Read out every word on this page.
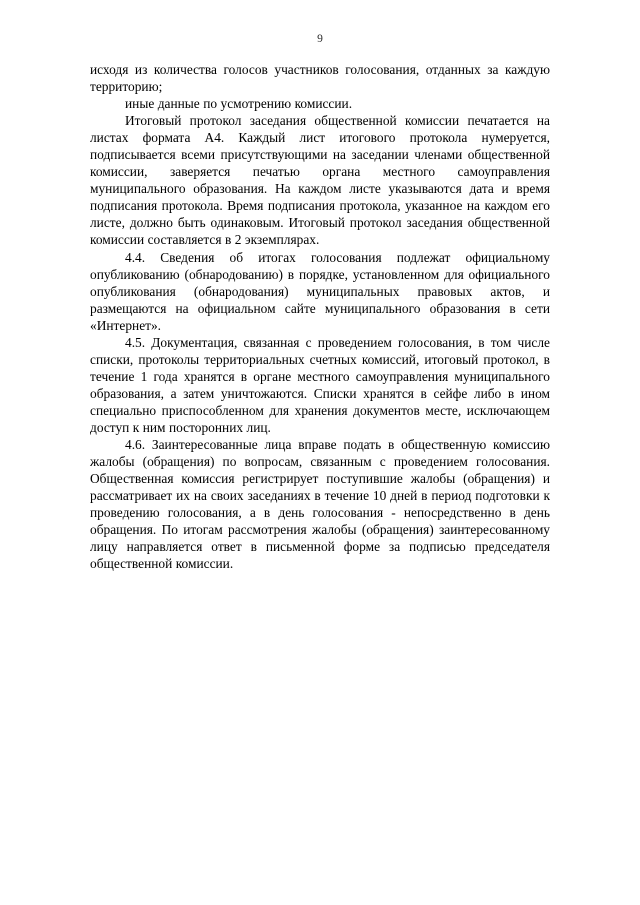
9

исходя из количества голосов участников голосования, отданных за каждую территорию;

иные данные по усмотрению комиссии.

Итоговый протокол заседания общественной комиссии печатается на листах формата А4. Каждый лист итогового протокола нумеруется, подписывается всеми присутствующими на заседании членами общественной комиссии, заверяется печатью органа местного самоуправления муниципального образования. На каждом листе указываются дата и время подписания протокола. Время подписания протокола, указанное на каждом его листе, должно быть одинаковым. Итоговый протокол заседания общественной комиссии составляется в 2 экземплярах.

4.4. Сведения об итогах голосования подлежат официальному опубликованию (обнародованию) в порядке, установленном для официального опубликования (обнародования) муниципальных правовых актов, и размещаются на официальном сайте муниципального образования в сети «Интернет».

4.5. Документация, связанная с проведением голосования, в том числе списки, протоколы территориальных счетных комиссий, итоговый протокол, в течение 1 года хранятся в органе местного самоуправления муниципального образования, а затем уничтожаются. Списки хранятся в сейфе либо в ином специально приспособленном для хранения документов месте, исключающем доступ к ним посторонних лиц.

4.6. Заинтересованные лица вправе подать в общественную комиссию жалобы (обращения) по вопросам, связанным с проведением голосования. Общественная комиссия регистрирует поступившие жалобы (обращения) и рассматривает их на своих заседаниях в течение 10 дней в период подготовки к проведению голосования, а в день голосования - непосредственно в день обращения. По итогам рассмотрения жалобы (обращения) заинтересованному лицу направляется ответ в письменной форме за подписью председателя общественной комиссии.
